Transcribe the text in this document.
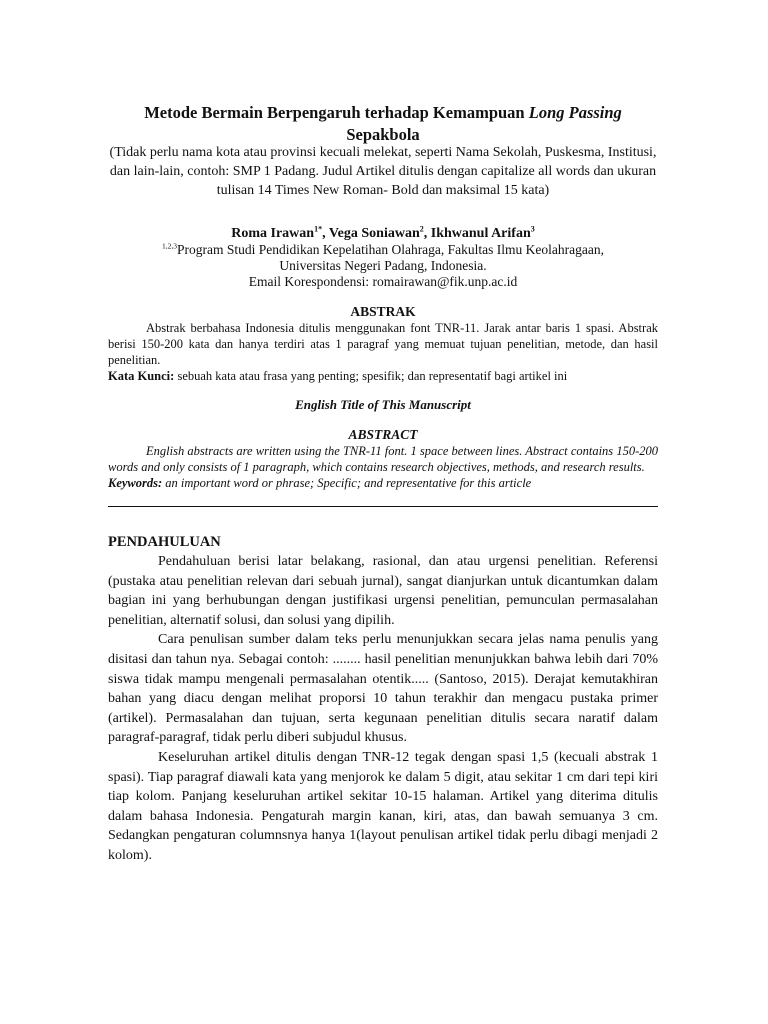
Metode Bermain Berpengaruh terhadap Kemampuan Long Passing
Sepakbola
(Tidak perlu nama kota atau provinsi kecuali melekat, seperti Nama Sekolah, Puskesma, Institusi, dan lain-lain, contoh: SMP 1 Padang. Judul Artikel ditulis dengan capitalize all words dan ukuran tulisan 14 Times New Roman- Bold dan maksimal 15 kata)
Roma Irawan$^{1*}$, Vega Soniawan$^2$, Ikhwanul Arifan$^3$
$^{1,2,3}$Program Studi Pendidikan Kepelatihan Olahraga, Fakultas Ilmu Keolahragaan,
Universitas Negeri Padang, Indonesia.
Email Korespondensi: romairawan@fik.unp.ac.id
ABSTRAK

Abstrak berbahasa Indonesia ditulis menggunakan font TNR-11. Jarak antar baris 1 spasi. Abstrak berisi 150-200 kata dan hanya terdiri atas 1 paragraf yang memuat tujuan penelitian, metode, dan hasil penelitian.

Kata Kunci: sebuah kata atau frasa yang penting; spesifik; dan representatif bagi artikel ini
English Title of This Manuscript
ABSTRACT

English abstracts are written using the TNR-11 font. 1 space between lines. Abstract contains 150-200 words and only consists of 1 paragraph, which contains research objectives, methods, and research results.

Keywords: an important word or phrase; Specific; and representative for this article
PENDAHULUAN

Pendahuluan berisi latar belakang, rasional, dan atau urgensi penelitian. Referensi (pustaka atau penelitian relevan dari sebuah jurnal), sangat dianjurkan untuk dicantumkan dalam bagian ini yang berhubungan dengan justifikasi urgensi penelitian, pemunculan permasalahan penelitian, alternatif solusi, dan solusi yang dipilih.

Cara penulisan sumber dalam teks perlu menunjukkan secara jelas nama penulis yang disitasi dan tahun nya. Sebagai contoh: ........ hasil penelitian menunjukkan bahwa lebih dari 70% siswa tidak mampu mengenali permasalahan otentik..... (Santoso, 2015). Derajat kemutakhiran bahan yang diacu dengan melihat proporsi 10 tahun terakhir dan mengacu pustaka primer (artikel). Permasalahan dan tujuan, serta kegunaan penelitian ditulis secara naratif dalam paragraf-paragraf, tidak perlu diberi subjudul khusus.

Keseluruhan artikel ditulis dengan TNR-12 tegak dengan spasi 1,5 (kecuali abstrak 1 spasi). Tiap paragraf diawali kata yang menjorok ke dalam 5 digit, atau sekitar 1 cm dari tepi kiri tiap kolom. Panjang keseluruhan artikel sekitar 10-15 halaman. Artikel yang diterima ditulis dalam bahasa Indonesia. Pengaturah margin kanan, kiri, atas, dan bawah semuanya 3 cm. Sedangkan pengaturan columnsnya hanya 1(layout penulisan artikel tidak perlu dibagi menjadi 2 kolom).
